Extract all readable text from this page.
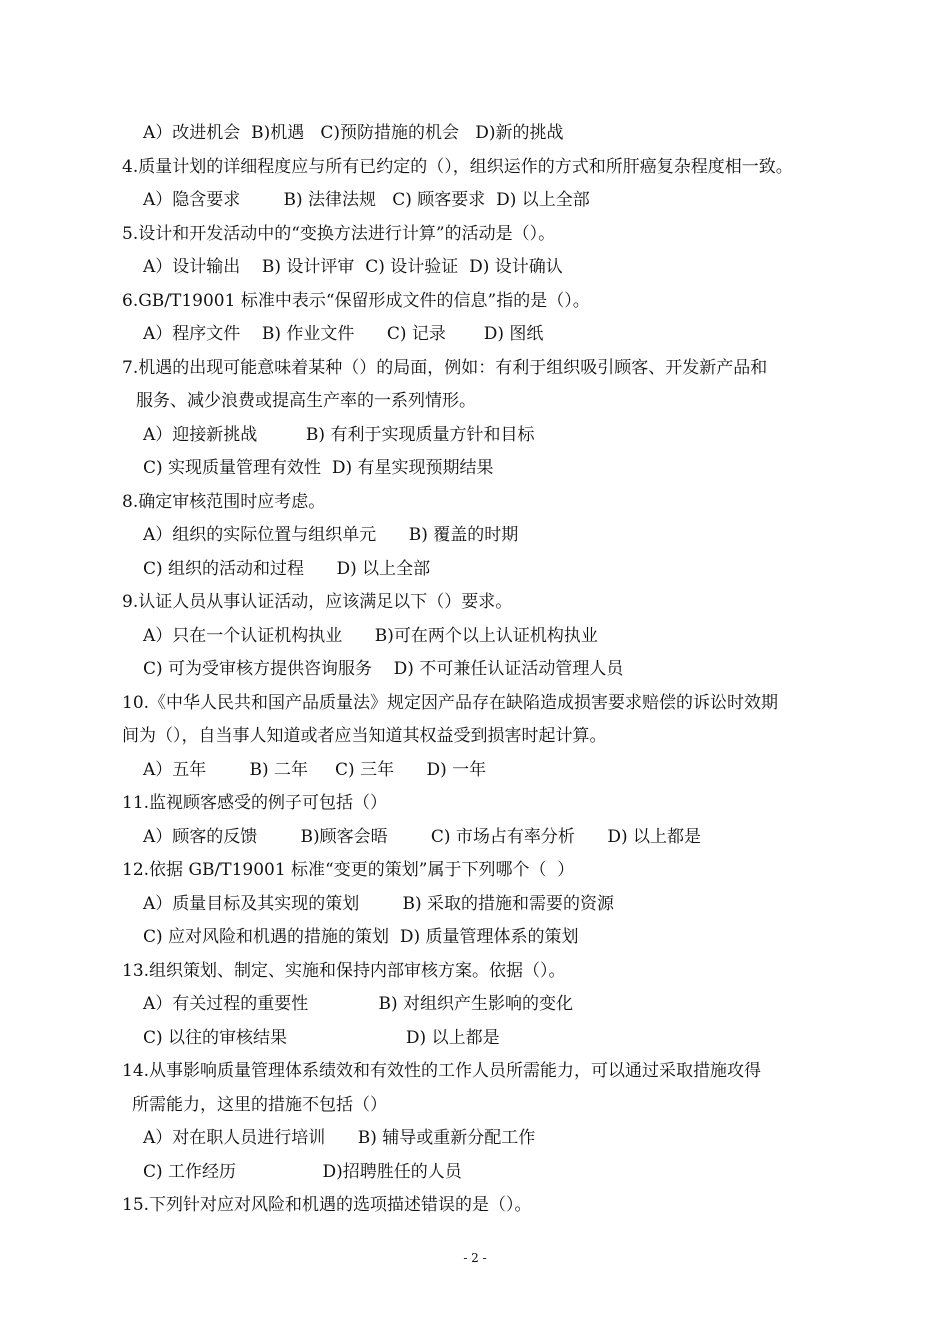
A）改进机会  B)机遇   C)预防措施的机会   D)新的挑战
4.质量计划的详细程度应与所有已约定的（），组织运作的方式和所肝癌复杂程度相一致。
A）隐含要求        B) 法律法规   C) 顾客要求  D) 以上全部
5.设计和开发活动中的“变换方法进行计算”的活动是（）。
A）设计输出    B) 设计评审  C) 设计验证  D) 设计确认
6.GB/T19001 标准中表示“保留形成文件的信息”指的是（）。
A）程序文件    B) 作业文件      C) 记录       D) 图纸
7.机遇的出现可能意味着某种（）的局面，例如：有利于组织吸引顾客、开发新产品和
服务、减少浪费或提高生产率的一系列情形。
A）迎接新挑战         B) 有利于实现质量方针和目标
C) 实现质量管理有效性  D) 有星实现预期结果
8.确定审核范围时应考虑。
A）组织的实际位置与组织单元      B) 覆盖的时期
C) 组织的活动和过程      D) 以上全部
9.认证人员从事认证活动，应该满足以下（）要求。
A）只在一个认证机构执业      B)可在两个以上认证机构执业
C) 可为受审核方提供咨询服务    D) 不可兼任认证活动管理人员
10.《中华人民共和国产品质量法》规定因产品存在缺陷造成损害要求赔偿的诉讼时效期
间为（），自当事人知道或者应当知道其权益受到损害时起计算。
A）五年        B) 二年     C) 三年      D) 一年
11.监视顾客感受的例子可包括（）
A）顾客的反馈        B)顾客会晤        C) 市场占有率分析      D) 以上都是
12.依据 GB/T19001 标准“变更的策划”属于下列哪个（  ）
A）质量目标及其实现的策划        B) 采取的措施和需要的资源
C) 应对风险和机遇的措施的策划  D) 质量管理体系的策划
13.组织策划、制定、实施和保持内部审核方案。依据（）。
A）有关过程的重要性             B) 对组织产生影响的变化
C) 以往的审核结果                      D) 以上都是
14.从事影响质量管理体系绩效和有效性的工作人员所需能力，可以通过采取措施攻得
所需能力，这里的措施不包括（）
A）对在职人员进行培训      B) 辅导或重新分配工作
C) 工作经历                D)招聘胜任的人员
15.下列针对应对风险和机遇的选项描述错误的是（）。
- 2 -
